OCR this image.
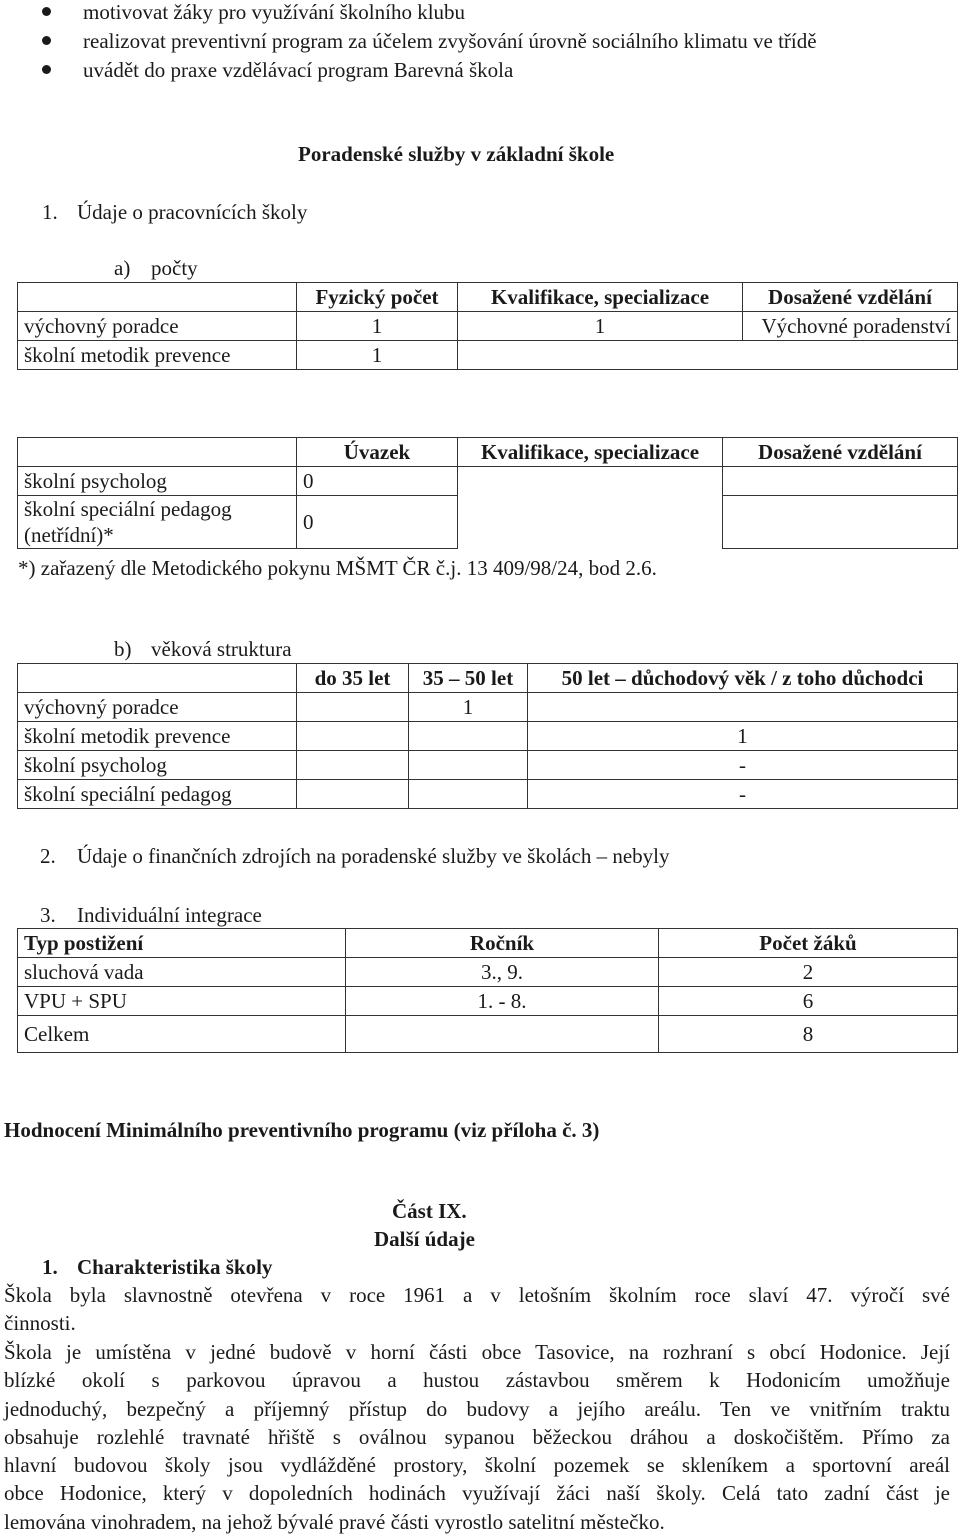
motivovat žáky pro využívání školního klubu
realizovat preventivní program za účelem zvyšování úrovně sociálního klimatu ve třídě
uvádět do praxe vzdělávací program Barevná škola
Poradenské služby v základní škole
1. Údaje o pracovnících školy
a) počty
	Fyzický počet	Kvalifikace, specializace	Dosažené vzdělání
výchovný poradce	1	1	Výchovné poradenství
školní metodik prevence	1		
	Úvazek	Kvalifikace, specializace	Dosažené vzdělání
školní psycholog	0		
školní speciální pedagog
(netřídní)*	0		
*) zařazený dle Metodického pokynu MŠMT ČR č.j. 13 409/98/24, bod 2.6.
b) věková struktura
	do 35 let	35 – 50 let	50 let – důchodový věk / z toho důchodci
výchovný poradce		1	
školní metodik prevence			1
školní psycholog			-
školní speciální pedagog			-
2. Údaje o finančních zdrojích na poradenské služby ve školách – nebyly
3. Individuální integrace
Typ postižení	Ročník	Počet žáků
sluchová vada	3., 9.	2
VPU + SPU	1. - 8.	6
Celkem		8
Hodnocení Minimálního preventivního programu (viz příloha č. 3)
Část IX.
Další údaje
1. Charakteristika školy
Škola byla slavnostně otevřena v roce 1961 a v letošním školním roce slaví 47. výročí své
činnosti.
Škola je umístěna v jedné budově v horní části obce Tasovice, na rozhraní s obcí Hodonice. Její
blízké okolí s parkovou úpravou a hustou zástavbou směrem k Hodonicím umožňuje
jednoduchý, bezpečný a příjemný přístup do budovy a jejího areálu. Ten ve vnitřním traktu
obsahuje rozlehlé travnaté hřiště s oválnou sypanou běžeckou dráhou a doskočištěm. Přímo za
hlavní budovou školy jsou vydlážděné prostory, školní pozemek se skleníkem a sportovní areál
obce Hodonice, který v dopoledních hodinách využívají žáci naší školy. Celá tato zadní část je
lemována vinohradem, na jehož bývalé pravé části vyrostlo satelitní městečko.
